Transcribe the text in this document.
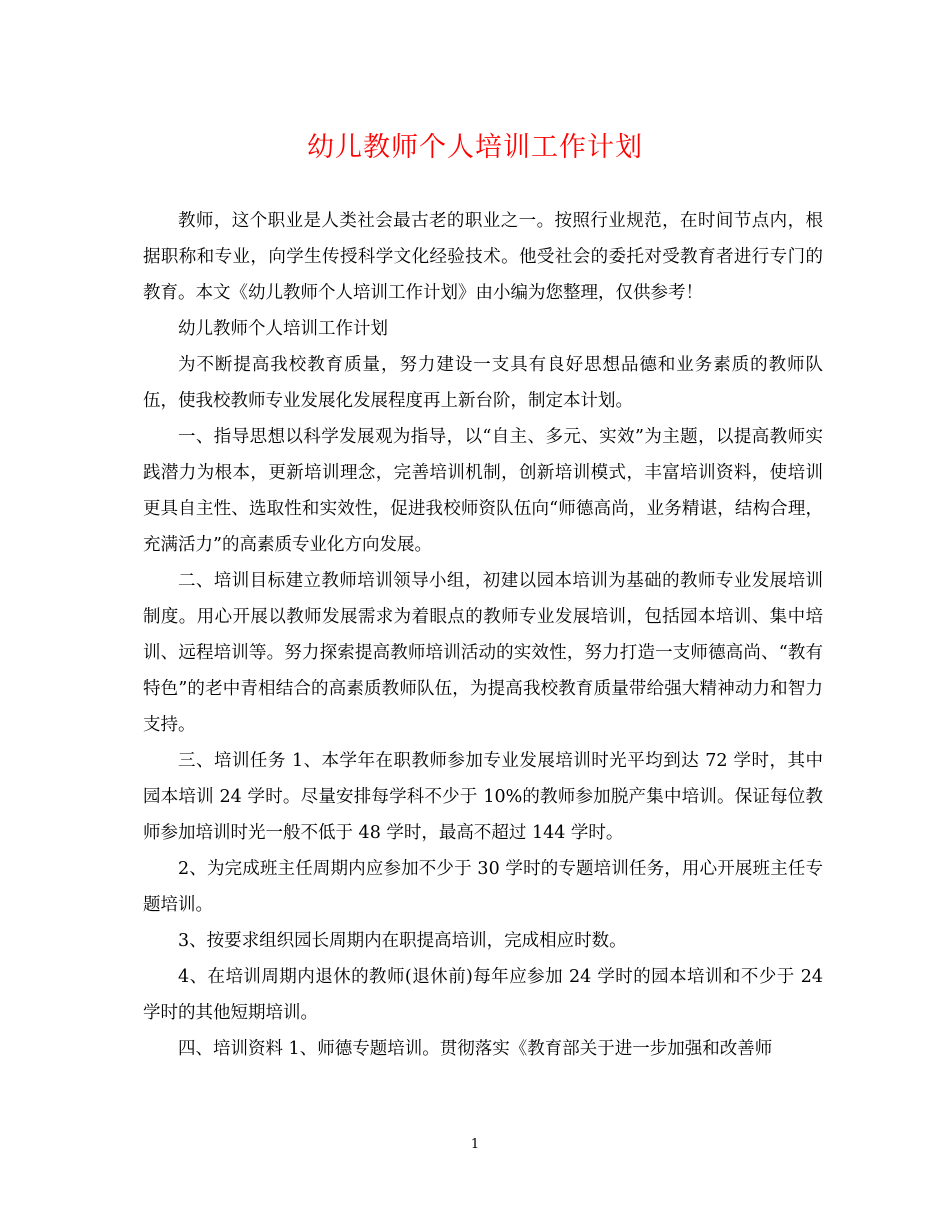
幼儿教师个人培训工作计划

教师，这个职业是人类社会最古老的职业之一。按照行业规范，在时间节点内，根据职称和专业，向学生传授科学文化经验技术。他受社会的委托对受教育者进行专门的教育。本文《幼儿教师个人培训工作计划》由小编为您整理，仅供参考！

幼儿教师个人培训工作计划

为不断提高我校教育质量，努力建设一支具有良好思想品德和业务素质的教师队伍，使我校教师专业发展化发展程度再上新台阶，制定本计划。

一、指导思想以科学发展观为指导，以“自主、多元、实效”为主题，以提高教师实践潜力为根本，更新培训理念，完善培训机制，创新培训模式，丰富培训资料，使培训更具自主性、选取性和实效性，促进我校师资队伍向“师德高尚，业务精谌，结构合理，充满活力”的高素质专业化方向发展。

二、培训目标建立教师培训领导小组，初建以园本培训为基础的教师专业发展培训制度。用心开展以教师发展需求为着眼点的教师专业发展培训，包括园本培训、集中培训、远程培训等。努力探索提高教师培训活动的实效性，努力打造一支师德高尚、“教有特色”的老中青相结合的高素质教师队伍，为提高我校教育质量带给强大精神动力和智力支持。

三、培训任务 1、本学年在职教师参加专业发展培训时光平均到达 72 学时，其中园本培训 24 学时。尽量安排每学科不少于 10%的教师参加脱产集中培训。保证每位教师参加培训时光一般不低于 48 学时，最高不超过 144 学时。

2、为完成班主任周期内应参加不少于 30 学时的专题培训任务，用心开展班主任专题培训。

3、按要求组织园长周期内在职提高培训，完成相应时数。

4、在培训周期内退休的教师(退休前)每年应参加 24 学时的园本培训和不少于 24 学时的其他短期培训。

四、培训资料 1、师德专题培训。贯彻落实《教育部关于进一步加强和改善师

1
